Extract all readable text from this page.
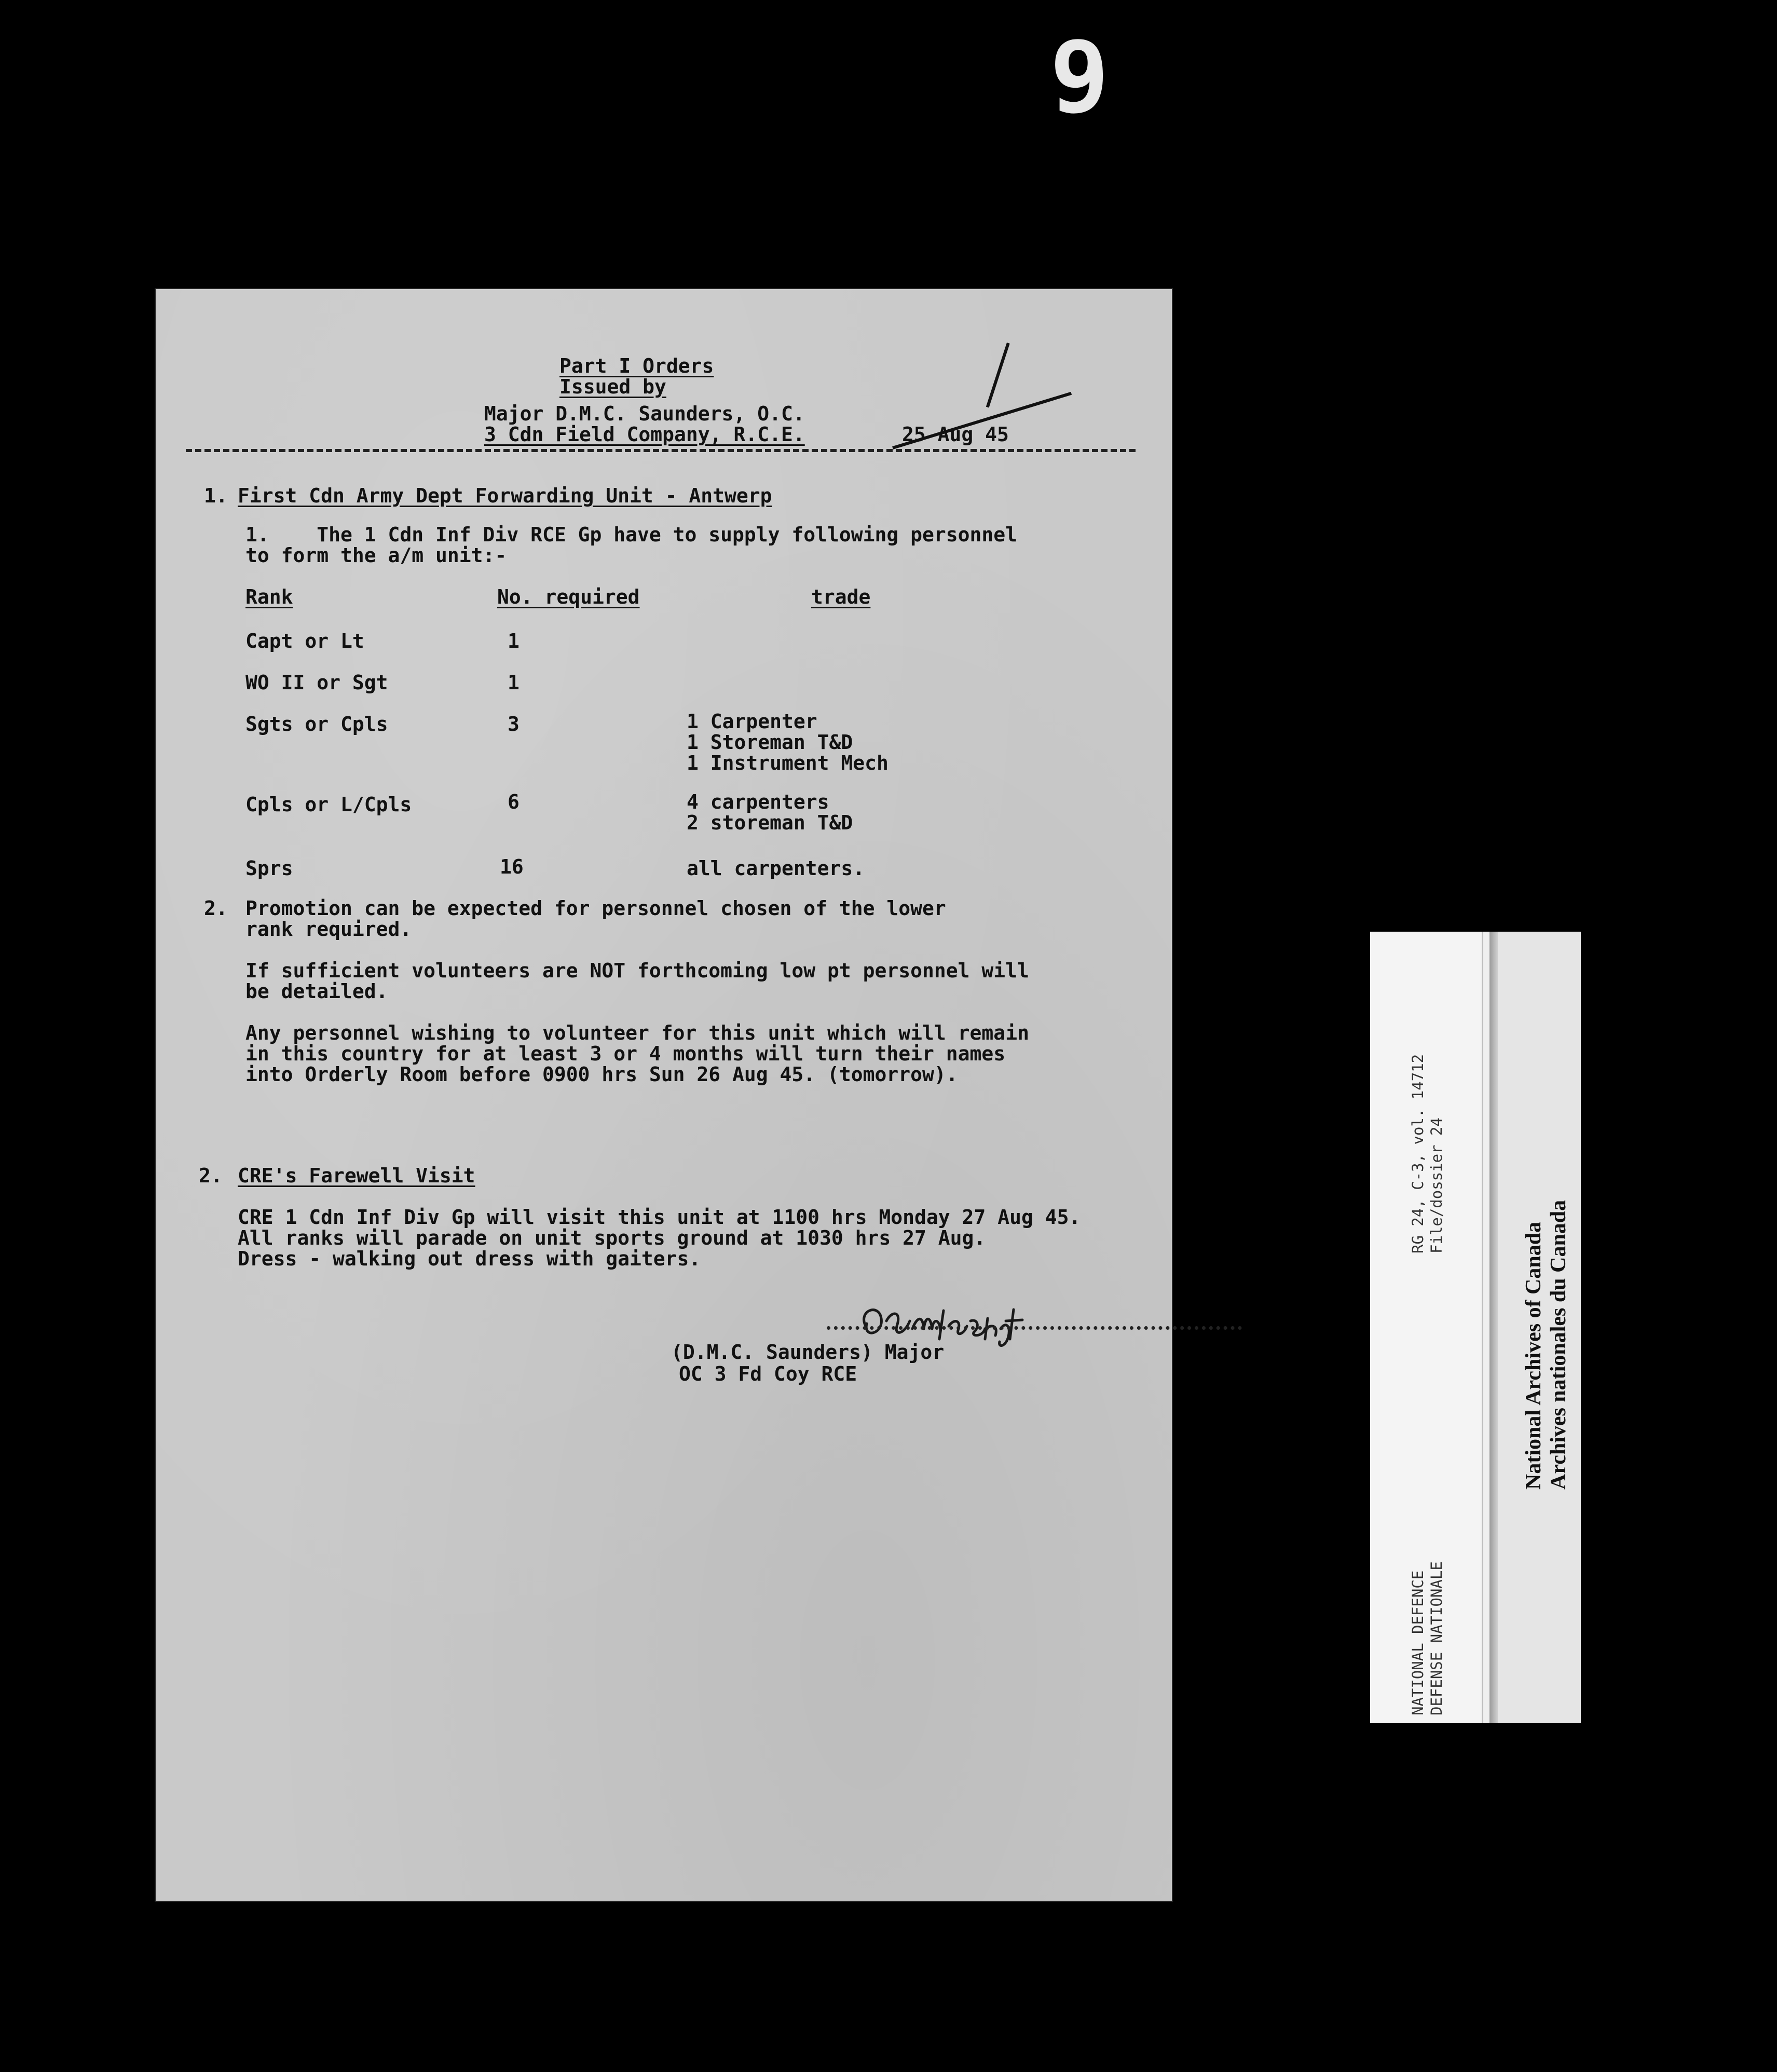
9
Part I Orders
Issued by
Major D.M.C. Saunders, O.C.
3 Cdn Field Company, R.C.E.	25 Aug 45
1. First Cdn Army Dept Forwarding Unit - Antwerp
1.    The 1 Cdn Inf Div RCE Gp have to supply following personnel
to form the a/m unit:-
Rank	No. required	trade
Capt or Lt	1
WO II or Sgt	1
Sgts or Cpls	3	1 Carpenter
1 Storeman T&D
1 Instrument Mech
Cpls or L/Cpls	6	4 carpenters
2 storeman T&D
Sprs	16	all carpenters.
2. Promotion can be expected for personnel chosen of the lower
rank required.
If sufficient volunteers are NOT forthcoming low pt personnel will
be detailed.
Any personnel wishing to volunteer for this unit which will remain
in this country for at least 3 or 4 months will turn their names
into Orderly Room before 0900 hrs Sun 26 Aug 45. (tomorrow).
2. CRE's Farewell Visit
CRE 1 Cdn Inf Div Gp will visit this unit at 1100 hrs Monday 27 Aug 45.
All ranks will parade on unit sports ground at 1030 hrs 27 Aug.
Dress - walking out dress with gaiters.
(D.M.C. Saunders) Major
OC 3 Fd Coy RCE
RG 24, C-3, vol. 14712 File/dossier 24
NATIONAL DEFENCE DEFENSE NATIONALE
National Archives of Canada Archives nationales du Canada
